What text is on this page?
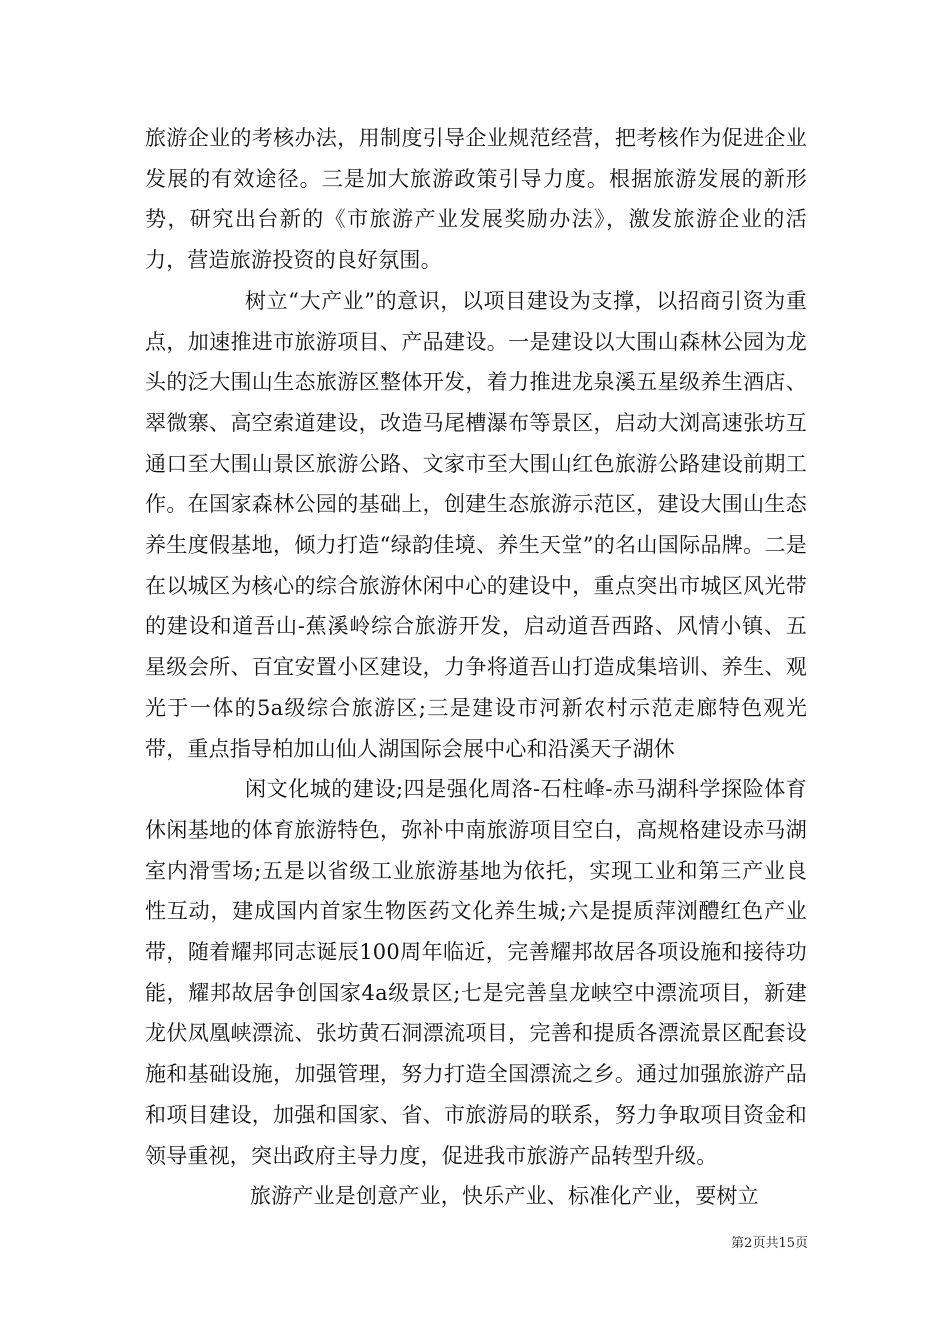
旅游企业的考核办法，用制度引导企业规范经营，把考核作为促进企业发展的有效途径。三是加大旅游政策引导力度。根据旅游发展的新形势，研究出台新的《市旅游产业发展奖励办法》，激发旅游企业的活力，营造旅游投资的良好氛围。

树立“大产业”的意识，以项目建设为支撑，以招商引资为重点，加速推进市旅游项目、产品建设。一是建设以大围山森林公园为龙头的泛大围山生态旅游区整体开发，着力推进龙泉溪五星级养生酒店、翠微寨、高空索道建设，改造马尾槽瀑布等景区，启动大浏高速张坊互通口至大围山景区旅游公路、文家市至大围山红色旅游公路建设前期工作。在国家森林公园的基础上，创建生态旅游示范区，建设大围山生态养生度假基地，倾力打造“绿韵佳境、养生天堂”的名山国际品牌。二是在以城区为核心的综合旅游休闲中心的建设中，重点突出市城区风光带的建设和道吾山-蕉溪岭综合旅游开发，启动道吾西路、风情小镇、五星级会所、百宜安置小区建设，力争将道吾山打造成集培训、养生、观光于一体的5a级综合旅游区;三是建设市河新农村示范走廊特色观光带，重点指导柏加山仙人湖国际会展中心和沿溪天子湖休

闲文化城的建设;四是强化周洛-石柱峰-赤马湖科学探险体育休闲基地的体育旅游特色，弥补中南旅游项目空白，高规格建设赤马湖室内滑雪场;五是以省级工业旅游基地为依托，实现工业和第三产业良性互动，建成国内首家生物医药文化养生城;六是提质萍浏醴红色产业带，随着耀邦同志诞辰100周年临近，完善耀邦故居各项设施和接待功能，耀邦故居争创国家4a级景区;七是完善皇龙峡空中漂流项目，新建龙伏凤凰峡漂流、张坊黄石洞漂流项目，完善和提质各漂流景区配套设施和基础设施，加强管理，努力打造全国漂流之乡。通过加强旅游产品和项目建设，加强和国家、省、市旅游局的联系，努力争取项目资金和领导重视，突出政府主导力度，促进我市旅游产品转型升级。

旅游产业是创意产业，快乐产业、标准化产业，要树立

第2页共15页
